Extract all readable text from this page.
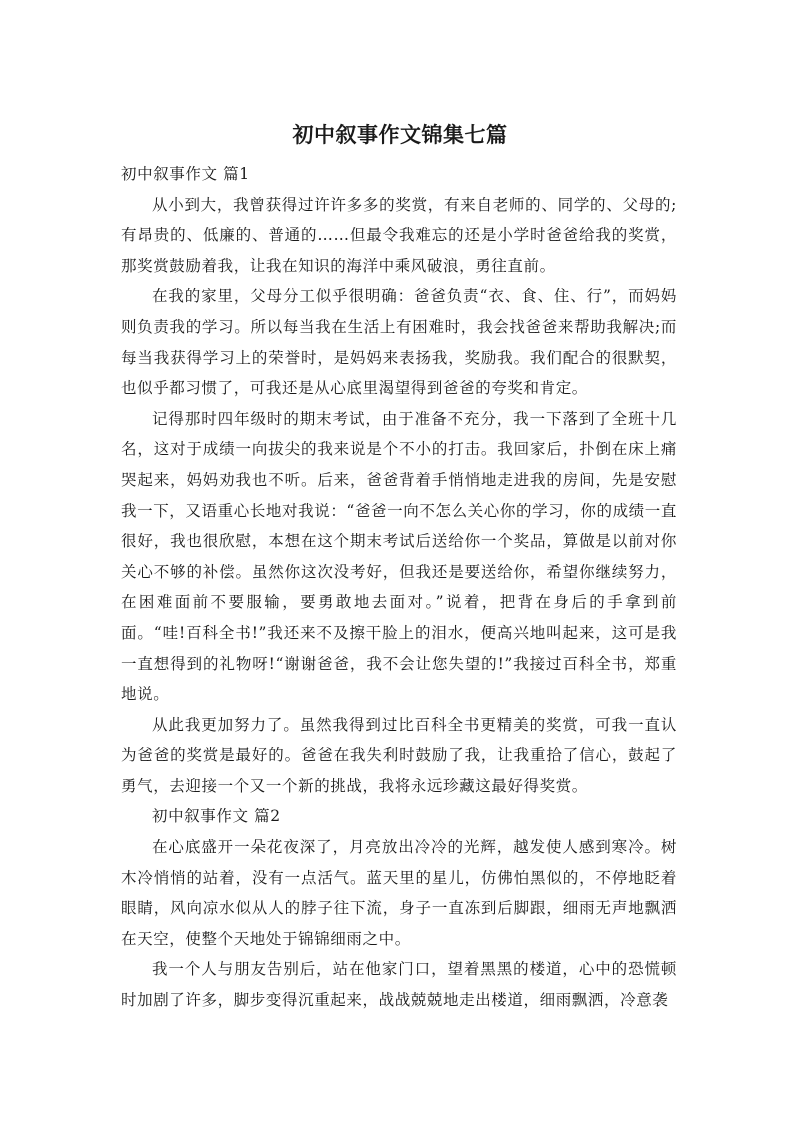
初中叙事作文锦集七篇

初中叙事作文 篇1

从小到大，我曾获得过许许多多的奖赏，有来自老师的、同学的、父母的;有昂贵的、低廉的、普通的……但最令我难忘的还是小学时爸爸给我的奖赏，那奖赏鼓励着我，让我在知识的海洋中乘风破浪，勇往直前。

在我的家里，父母分工似乎很明确：爸爸负责“衣、食、住、行”，而妈妈则负责我的学习。所以每当我在生活上有困难时，我会找爸爸来帮助我解决;而每当我获得学习上的荣誉时，是妈妈来表扬我，奖励我。我们配合的很默契，也似乎都习惯了，可我还是从心底里渴望得到爸爸的夸奖和肯定。

记得那时四年级时的期末考试，由于准备不充分，我一下落到了全班十几名，这对于成绩一向拔尖的我来说是个不小的打击。我回家后，扑倒在床上痛哭起来，妈妈劝我也不听。后来，爸爸背着手悄悄地走进我的房间，先是安慰我一下，又语重心长地对我说：“爸爸一向不怎么关心你的学习，你的成绩一直很好，我也很欣慰，本想在这个期末考试后送给你一个奖品，算做是以前对你关心不够的补偿。虽然你这次没考好，但我还是要送给你，希望你继续努力，在困难面前不要服输，要勇敢地去面对。”说着，把背在身后的手拿到前面。“哇!百科全书!”我还来不及擦干脸上的泪水，便高兴地叫起来，这可是我一直想得到的礼物呀!“谢谢爸爸，我不会让您失望的!”我接过百科全书，郑重地说。

从此我更加努力了。虽然我得到过比百科全书更精美的奖赏，可我一直认为爸爸的奖赏是最好的。爸爸在我失利时鼓励了我，让我重拾了信心，鼓起了勇气，去迎接一个又一个新的挑战，我将永远珍藏这最好得奖赏。

初中叙事作文 篇2

在心底盛开一朵花夜深了，月亮放出冷冷的光辉，越发使人感到寒冷。树木冷悄悄的站着，没有一点活气。蓝天里的星儿，仿佛怕黑似的，不停地眨着眼睛，风向凉水似从人的脖子往下流，身子一直冻到后脚跟，细雨无声地飘洒在天空，使整个天地处于锦锦细雨之中。

我一个人与朋友告别后，站在他家门口，望着黑黑的楼道，心中的恐慌顿时加剧了许多，脚步变得沉重起来，战战兢兢地走出楼道，细雨飘洒，冷意袭
